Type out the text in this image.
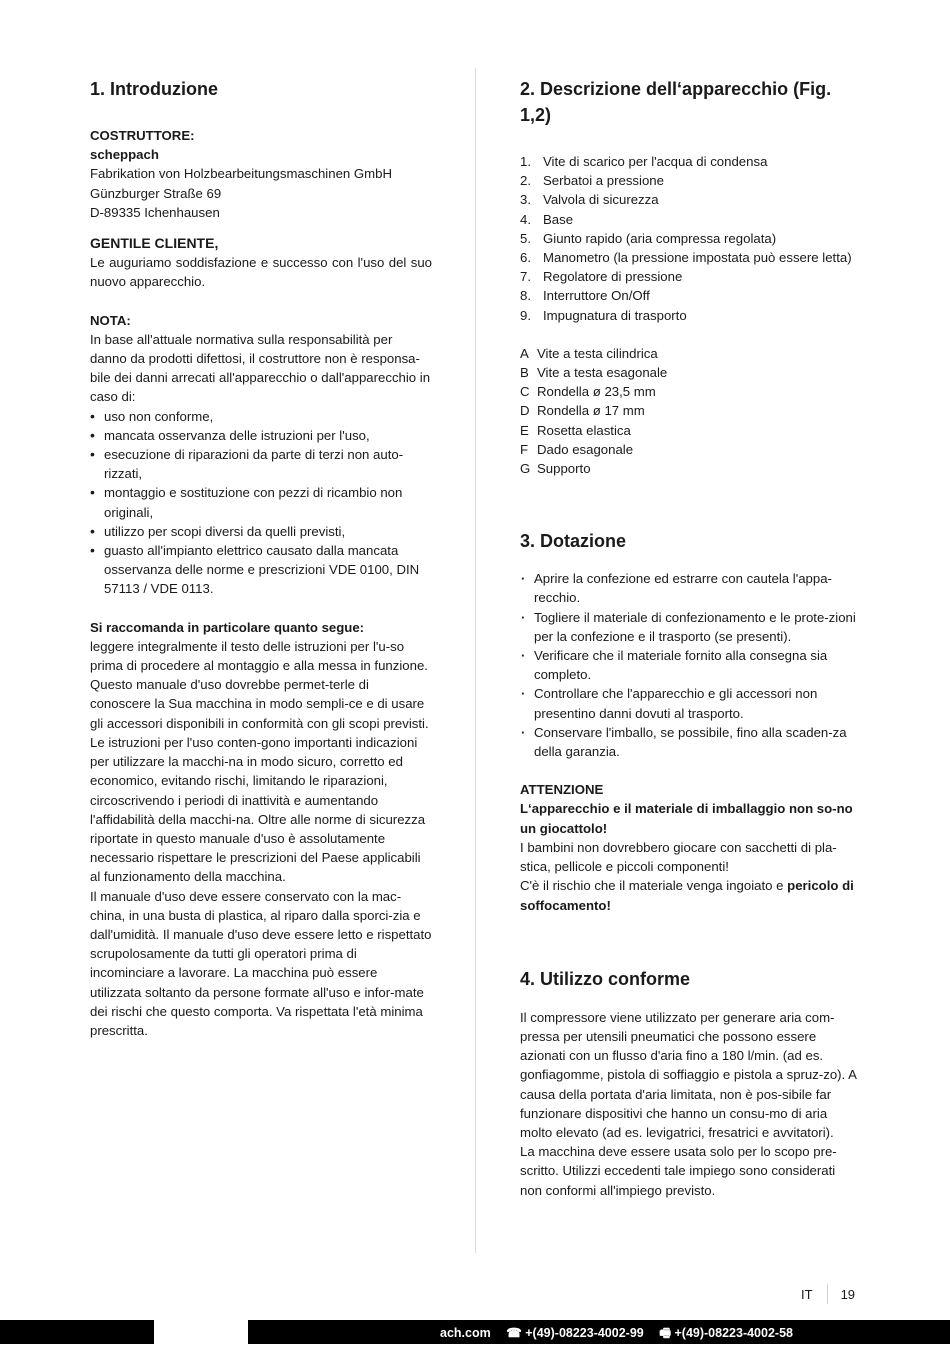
1. Introduzione

COSTRUTTORE:

scheppach

Fabrikation von Holzbearbeitungsmaschinen GmbH

Günzburger Straße 69

D-89335 Ichenhausen

GENTILE CLIENTE,

Le auguriamo soddisfazione e successo con l'uso del suo nuovo apparecchio.

NOTA:

In base all'attuale normativa sulla responsabilità per danno da prodotti difettosi, il costruttore non è responsa-bile dei danni arrecati all'apparecchio o dall'apparecchio in caso di:

• uso non conforme,
• mancata osservanza delle istruzioni per l'uso,
• esecuzione di riparazioni da parte di terzi non auto-rizzati,
• montaggio e sostituzione con pezzi di ricambio non originali,
• utilizzo per scopi diversi da quelli previsti,
• guasto all'impianto elettrico causato dalla mancata osservanza delle norme e prescrizioni VDE 0100, DIN 57113 / VDE 0113.

Si raccomanda in particolare quanto segue:

leggere integralmente il testo delle istruzioni per l'u-so prima di procedere al montaggio e alla messa in funzione. Questo manuale d'uso dovrebbe permet-terle di conoscere la Sua macchina in modo sempli-ce e di usare gli accessori disponibili in conformità con gli scopi previsti. Le istruzioni per l'uso conten-gono importanti indicazioni per utilizzare la macchi-na in modo sicuro, corretto ed economico, evitando rischi, limitando le riparazioni, circoscrivendo i periodi di inattività e aumentando l'affidabilità della macchi-na. Oltre alle norme di sicurezza riportate in questo manuale d'uso è assolutamente necessario rispettare le prescrizioni del Paese applicabili al funzionamento della macchina.

Il manuale d'uso deve essere conservato con la mac-china, in una busta di plastica, al riparo dalla sporci-zia e dall'umidità. Il manuale d'uso deve essere letto e rispettato scrupolosamente da tutti gli operatori prima di incominciare a lavorare. La macchina può essere utilizzata soltanto da persone formate all'uso e infor-mate dei rischi che questo comporta. Va rispettata l'età minima prescritta.

2. Descrizione dell‘apparecchio (Fig. 1,2)
1. Vite di scarico per l'acqua di condensa
2. Serbatoi a pressione
3. Valvola di sicurezza
4. Base
5. Giunto rapido (aria compressa regolata)
6. Manometro (la pressione impostata può essere letta)
7. Regolatore di pressione
8. Interruttore On/Off
9. Impugnatura di trasporto
A Vite a testa cilindrica
B Vite a testa esagonale
C Rondella ø 23,5 mm
D Rondella ø 17 mm
E Rosetta elastica
F Dado esagonale
G Supporto
3. Dotazione
· Aprire la confezione ed estrarre con cautela l'appa-recchio.
· Togliere il materiale di confezionamento e le prote-zioni per la confezione e il trasporto (se presenti).
· Verificare che il materiale fornito alla consegna sia completo.
· Controllare che l'apparecchio e gli accessori non presentino danni dovuti al trasporto.
· Conservare l'imballo, se possibile, fino alla scaden-za della garanzia.

ATTENZIONE

L‘apparecchio e il materiale di imballaggio non so-no un giocattolo!

I bambini non dovrebbero giocare con sacchetti di pla-stica, pellicole e piccoli componenti!

C'è il rischio che il materiale venga ingoiato e pericolo di soffocamento!

4. Utilizzo conforme

Il compressore viene utilizzato per generare aria com-pressa per utensili pneumatici che possono essere azionati con un flusso d'aria fino a 180 l/min. (ad es. gonfiagomme, pistola di soffiaggio e pistola a spruz-zo). A causa della portata d'aria limitata, non è pos-sibile far funzionare dispositivi che hanno un consu-mo di aria molto elevato (ad es. levigatrici, fresatrici e avvitatori).

La macchina deve essere usata solo per lo scopo pre-scritto. Utilizzi eccedenti tale impiego sono considerati non conformi all'impiego previsto.

IT 19
ach.com ☎ +(49)-08223-4002-99 🖷 +(49)-08223-4002-58
